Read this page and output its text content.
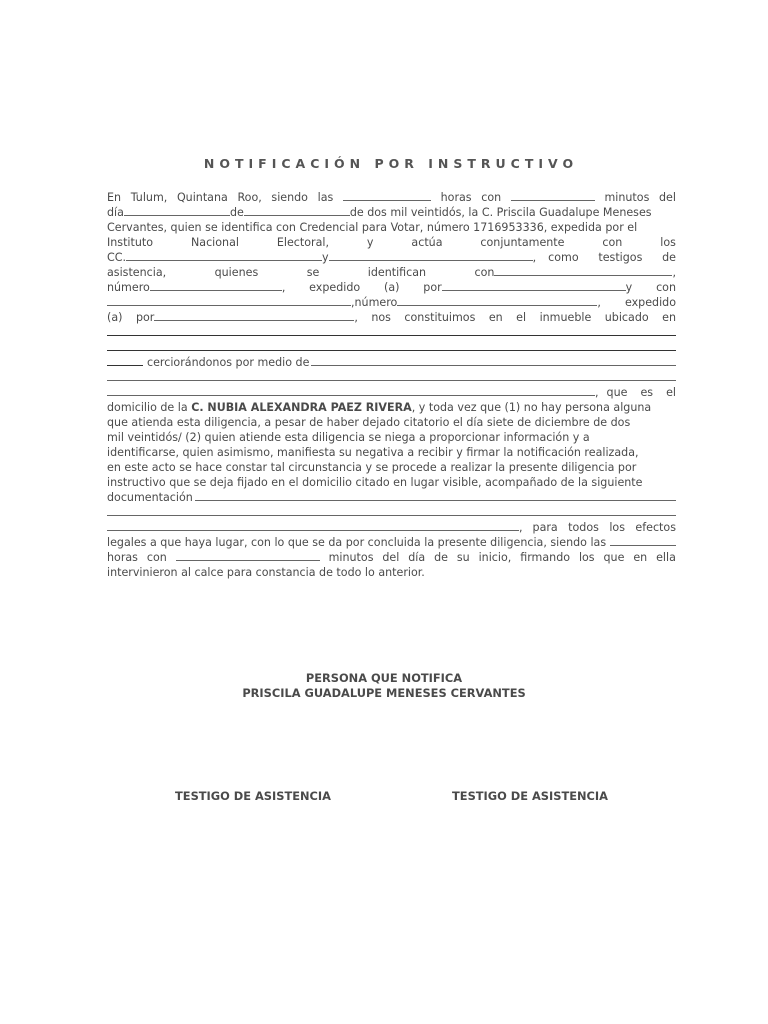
NOTIFICACIÓN POR INSTRUCTIVO
En Tulum, Quintana Roo, siendo las	horas con	minutos del
día	de	de dos mil veintidós, la C. Priscila Guadalupe Meneses
Cervantes, quien se identifica con Credencial para Votar, número 1716953336, expedida por el
Instituto	Nacional	Electoral,	y	actúa	conjuntamente	con	los
CC.	y	, como testigos de
asistencia,	quienes	se	identifican	con	,
número	, expedido (a) por	y con
,número	, expedido
(a) por	, nos constituimos en el inmueble ubicado en
cerciorándonos por medio de
, que es el
domicilio de la C. NUBIA ALEXANDRA PAEZ RIVERA , y toda vez que (1) no hay persona alguna
que atienda esta diligencia, a pesar de haber dejado citatorio el día siete de diciembre de dos
mil veintidós/ (2) quien atiende esta diligencia se niega a proporcionar información y a
identificarse, quien asimismo, manifiesta su negativa a recibir y firmar la notificación realizada,
en este acto se hace constar tal circunstancia y se procede a realizar la presente diligencia por
instructivo que se deja fijado en el domicilio citado en lugar visible, acompañado de la siguiente
documentación
, para todos los efectos
legales a que haya lugar, con lo que se da por concluida la presente diligencia, siendo las
horas con	minutos del día de su inicio, firmando los que en ella
intervinieron al calce para constancia de todo lo anterior.
PERSONA QUE NOTIFICA
PRISCILA GUADALUPE MENESES CERVANTES
TESTIGO DE ASISTENCIA	TESTIGO DE ASISTENCIA
